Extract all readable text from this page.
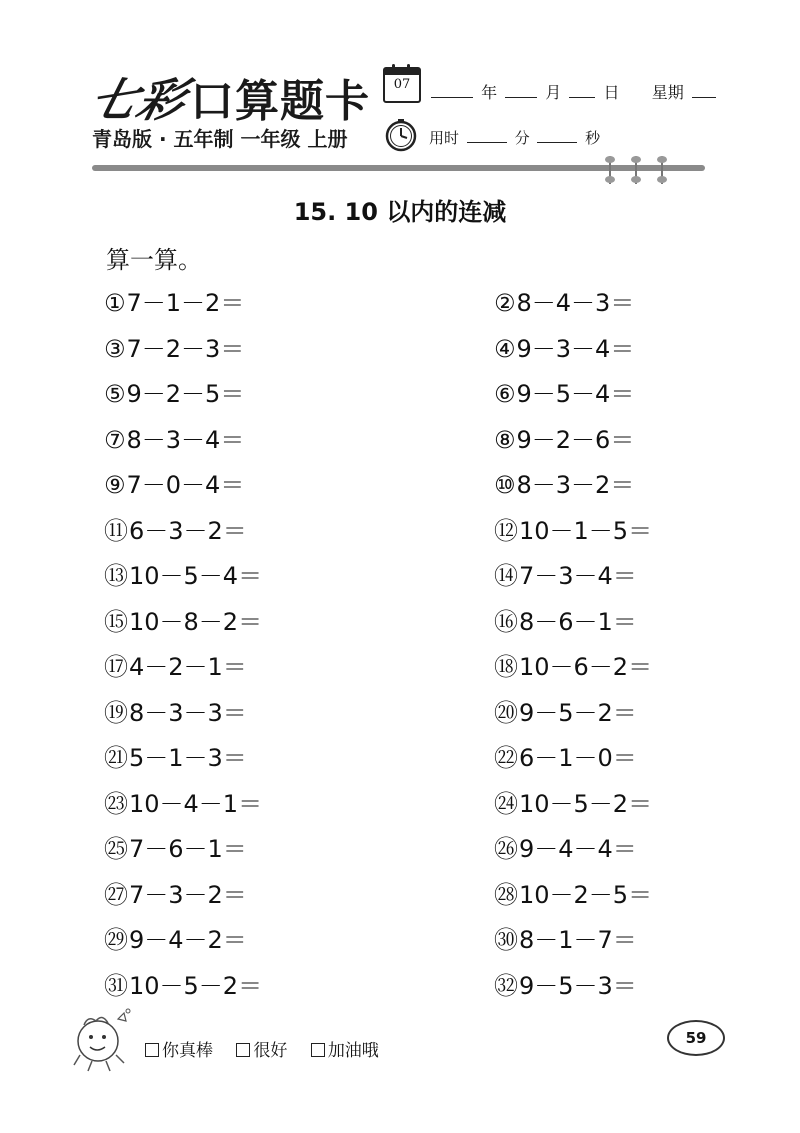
七彩口算题卡	07	年	月	日 星期
青岛版 · 五年制 一年级 上册	用时	分	秒
15. 10 以内的连减
算一算。
①7－1－2＝	②8－4－3＝
③7－2－3＝	④9－3－4＝
⑤9－2－5＝	⑥9－5－4＝
⑦8－3－4＝	⑧9－2－6＝
⑨7－0－4＝	⑩8－3－2＝
⑪6－3－2＝	⑫10－1－5＝
⑬10－5－4＝	⑭7－3－4＝
⑮10－8－2＝	⑯8－6－1＝
⑰4－2－1＝	⑱10－6－2＝
⑲8－3－3＝	⑳9－5－2＝
㉑5－1－3＝	㉒6－1－0＝
㉓10－4－1＝	㉔10－5－2＝
㉕7－6－1＝	㉖9－4－4＝
㉗7－3－2＝	㉘10－2－5＝
㉙9－4－2＝	㉚8－1－7＝
㉛10－5－2＝	㉜9－5－3＝
你真棒 很好 加油哦
59
